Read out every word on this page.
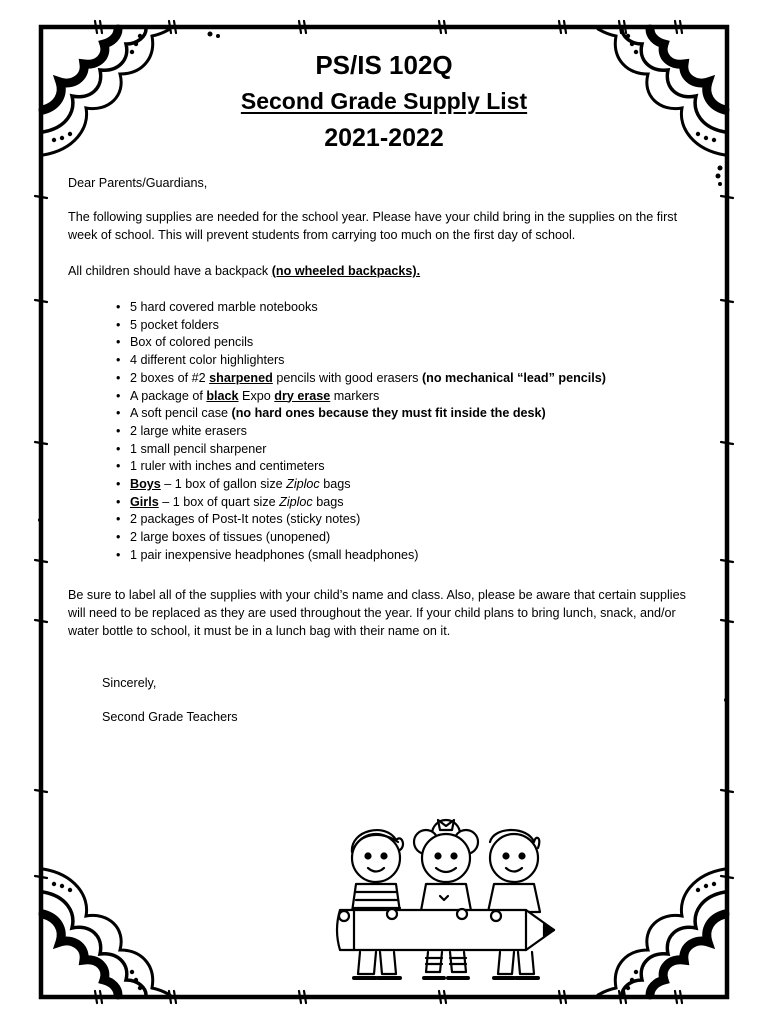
PS/IS 102Q
Second Grade Supply List
2021-2022
Dear Parents/Guardians,
The following supplies are needed for the school year. Please have your child bring in the supplies on the first week of school. This will prevent students from carrying too much on the first day of school.
All children should have a backpack (no wheeled backpacks).
• 5 hard covered marble notebooks
• 5 pocket folders
• Box of colored pencils
• 4 different color highlighters
• 2 boxes of #2 sharpened pencils with good erasers (no mechanical “lead” pencils)
• A package of black Expo dry erase markers
• A soft pencil case (no hard ones because they must fit inside the desk)
• 2 large white erasers
• 1 small pencil sharpener
• 1 ruler with inches and centimeters
• Boys – 1 box of gallon size Ziploc bags
• Girls – 1 box of quart size Ziploc bags
• 2 packages of Post-It notes (sticky notes)
• 2 large boxes of tissues (unopened)
• 1 pair inexpensive headphones (small headphones)
Be sure to label all of the supplies with your child’s name and class. Also, please be aware that certain supplies will need to be replaced as they are used throughout the year. If your child plans to bring lunch, snack, and/or water bottle to school, it must be in a lunch bag with their name on it.
Sincerely,
Second Grade Teachers
